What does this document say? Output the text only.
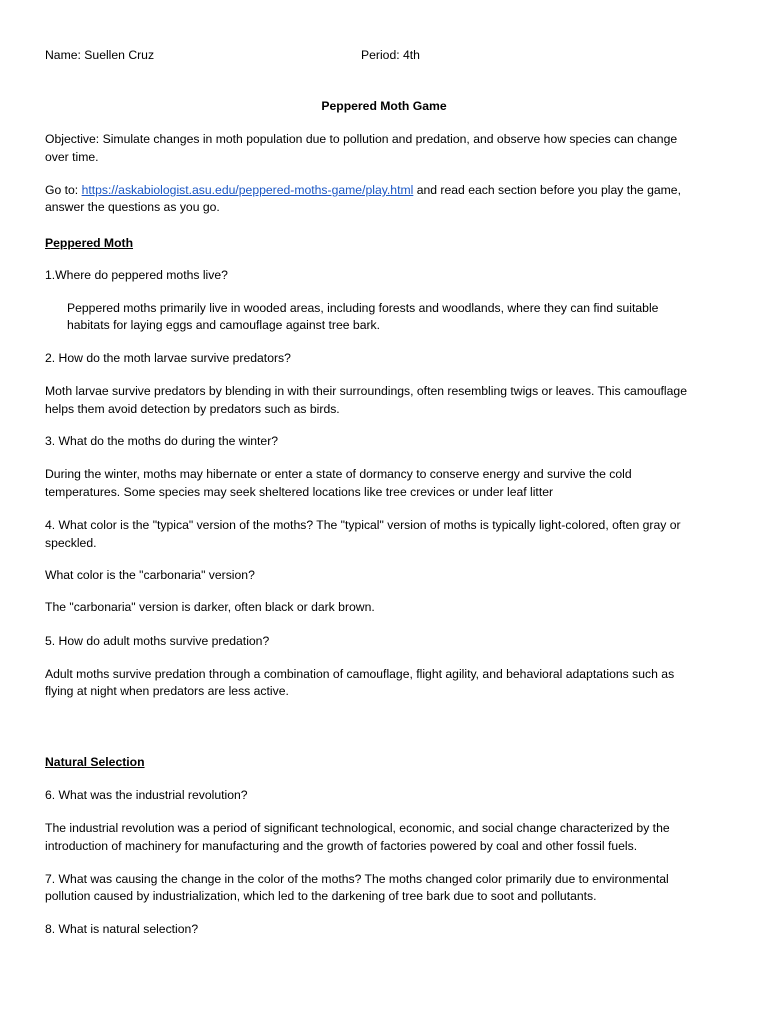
Name: Suellen Cruz	Period: 4th
Peppered Moth Game
Objective: Simulate changes in moth population due to pollution and predation, and observe how species can change
over time.
Go to: https://askabiologist.asu.edu/peppered-moths-game/play.html and read each section before you play the game,
answer the questions as you go.
Peppered Moth
1.Where do peppered moths live?
Peppered moths primarily live in wooded areas, including forests and woodlands, where they can find suitable
habitats for laying eggs and camouflage against tree bark.
2. How do the moth larvae survive predators?
Moth larvae survive predators by blending in with their surroundings, often resembling twigs or leaves. This camouflage
helps them avoid detection by predators such as birds.
3. What do the moths do during the winter?
During the winter, moths may hibernate or enter a state of dormancy to conserve energy and survive the cold
temperatures. Some species may seek sheltered locations like tree crevices or under leaf litter
4. What color is the "typica" version of the moths? The "typical" version of moths is typically light-colored, often gray or
speckled.
What color is the "carbonaria" version?
The "carbonaria" version is darker, often black or dark brown.
5. How do adult moths survive predation?
Adult moths survive predation through a combination of camouflage, flight agility, and behavioral adaptations such as
flying at night when predators are less active.
Natural Selection
6. What was the industrial revolution?
The industrial revolution was a period of significant technological, economic, and social change characterized by the
introduction of machinery for manufacturing and the growth of factories powered by coal and other fossil fuels.
7. What was causing the change in the color of the moths? The moths changed color primarily due to environmental
pollution caused by industrialization, which led to the darkening of tree bark due to soot and pollutants.
8. What is natural selection?
